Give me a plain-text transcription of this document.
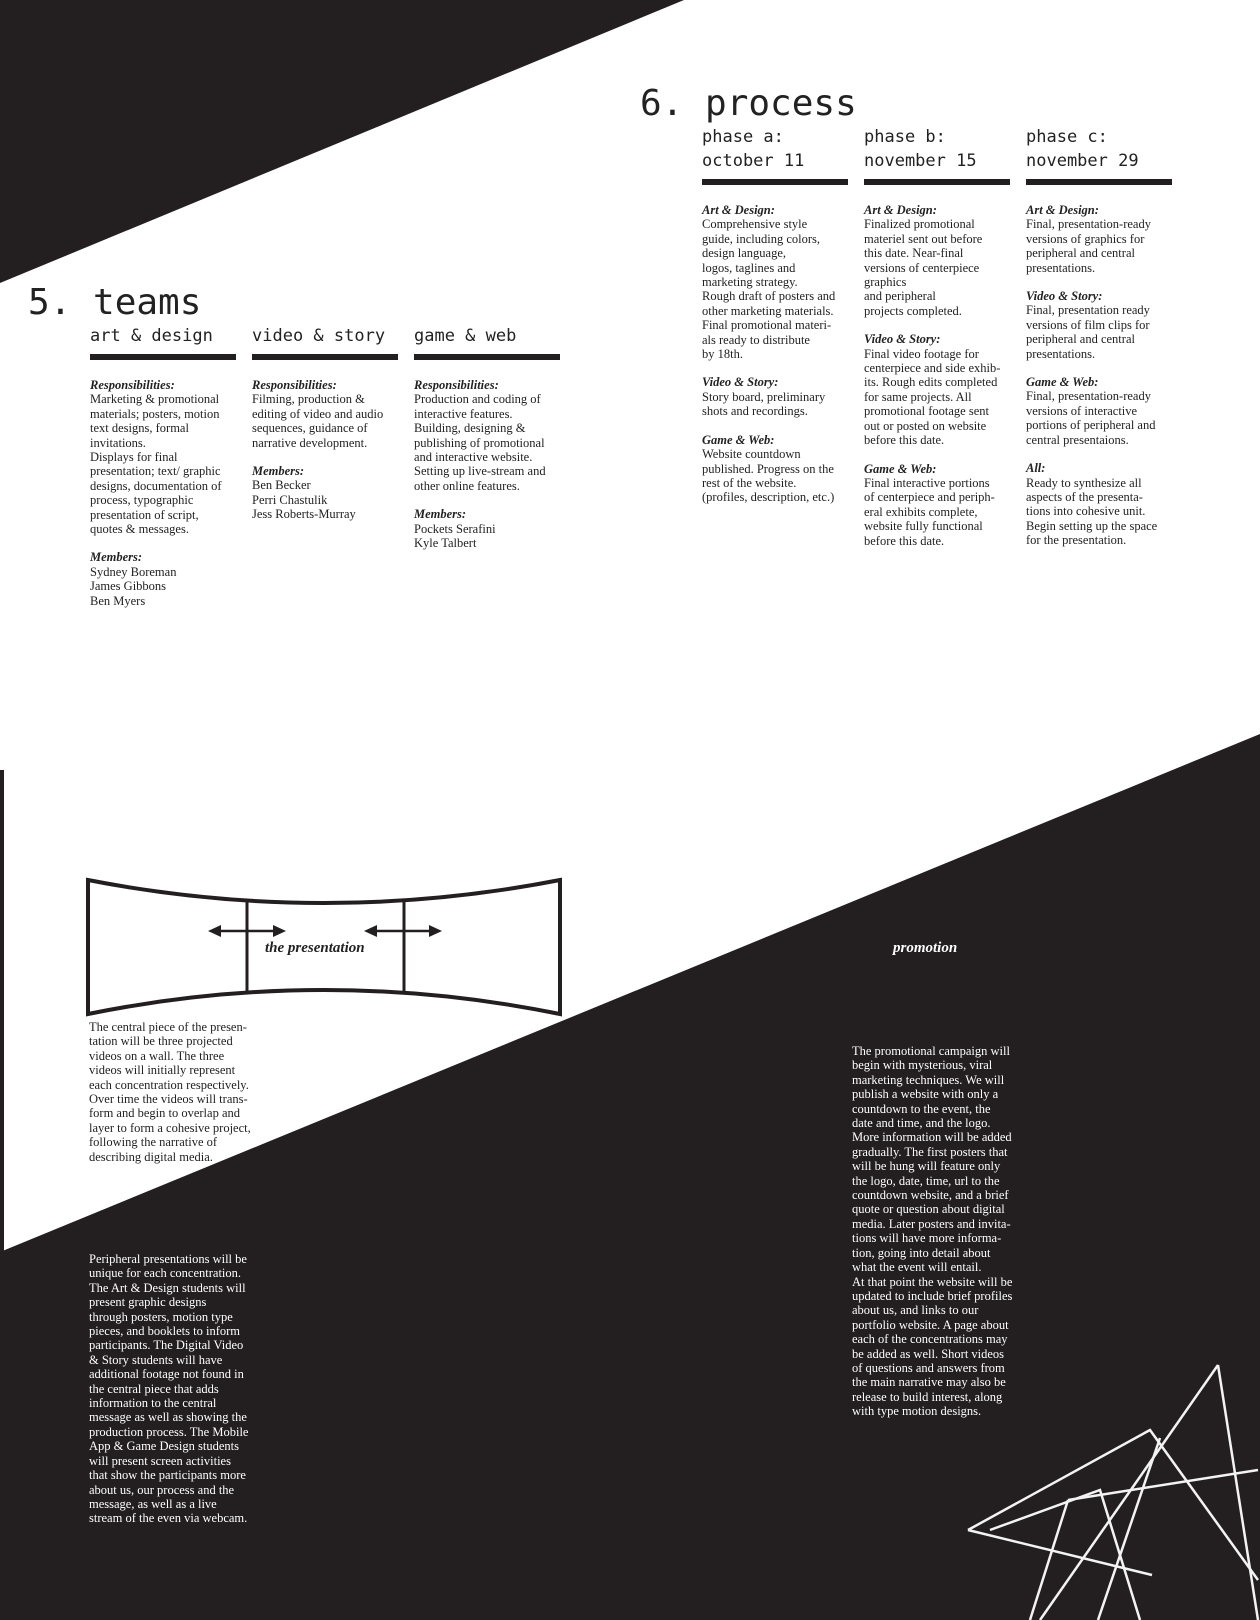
5. teams
art & design
Responsibilities:
Marketing & promotional
materials; posters, motion
text designs, formal
invitations.
Displays for final
presentation; text/ graphic
designs, documentation of
process, typographic
presentation of script,
quotes & messages.
Members:
Sydney Boreman
James Gibbons
Ben Myers
video & story
Responsibilities:
Filming, production &
editing of video and audio
sequences, guidance of
narrative development.
Members:
Ben Becker
Perri Chastulik
Jess Roberts-Murray
game & web
Responsibilities:
Production and coding of
interactive features.
Building, designing &
publishing of promotional
and interactive website.
Setting up live-stream and
other online features.
Members:
Pockets Serafini
Kyle Talbert
6. process
phase a:
october 11
Art & Design:
Comprehensive style
guide, including colors,
design language,
logos, taglines and
marketing strategy.
Rough draft of posters and
other marketing materials.
Final promotional materi-
als ready to distribute
by 18th.
Video & Story:
Story board, preliminary
shots and recordings.
Game & Web:
Website countdown
published. Progress on the
rest of the website.
(profiles, description, etc.)
phase b:
november 15
Art & Design:
Finalized promotional
materiel sent out before
this date. Near-final
versions of centerpiece
graphics
and peripheral
projects completed.
Video & Story:
Final video footage for
centerpiece and side exhib-
its. Rough edits completed
for same projects. All
promotional footage sent
out or posted on website
before this date.
Game & Web:
Final interactive portions
of centerpiece and periph-
eral exhibits complete,
website fully functional
before this date.
phase c:
november 29
Art & Design:
Final, presentation-ready
versions of graphics for
peripheral and central
presentations.
Video & Story:
Final, presentation ready
versions of film clips for
peripheral and central
presentations.
Game & Web:
Final, presentation-ready
versions of interactive
portions of peripheral and
central presentaions.
All:
Ready to synthesize all
aspects of the presenta-
tions into cohesive unit.
Begin setting up the space
for the presentation.
the presentation
The central piece of the presen-
tation will be three projected
videos on a wall. The three
videos will initially represent
each concentration respectively.
Over time the videos will trans-
form and begin to overlap and
layer to form a cohesive project,
following the narrative of
describing digital media.
Peripheral presentations will be
unique for each concentration.
The Art & Design students will
present graphic designs
through posters, motion type
pieces, and booklets to inform
participants. The Digital Video
& Story students will have
additional footage not found in
the central piece that adds
information to the central
message as well as showing the
production process. The Mobile
App & Game Design students
will present screen activities
that show the participants more
about us, our process and the
message, as well as a live
stream of the even via webcam.
promotion
The promotional campaign will
begin with mysterious, viral
marketing techniques. We will
publish a website with only a
countdown to the event, the
date and time, and the logo.
More information will be added
gradually. The first posters that
will be hung will feature only
the logo, date, time, url to the
countdown website, and a brief
quote or question about digital
media. Later posters and invita-
tions will have more informa-
tion, going into detail about
what the event will entail.
At that point the website will be
updated to include brief profiles
about us, and links to our
portfolio website. A page about
each of the concentrations may
be added as well. Short videos
of questions and answers from
the main narrative may also be
release to build interest, along
with type motion designs.
